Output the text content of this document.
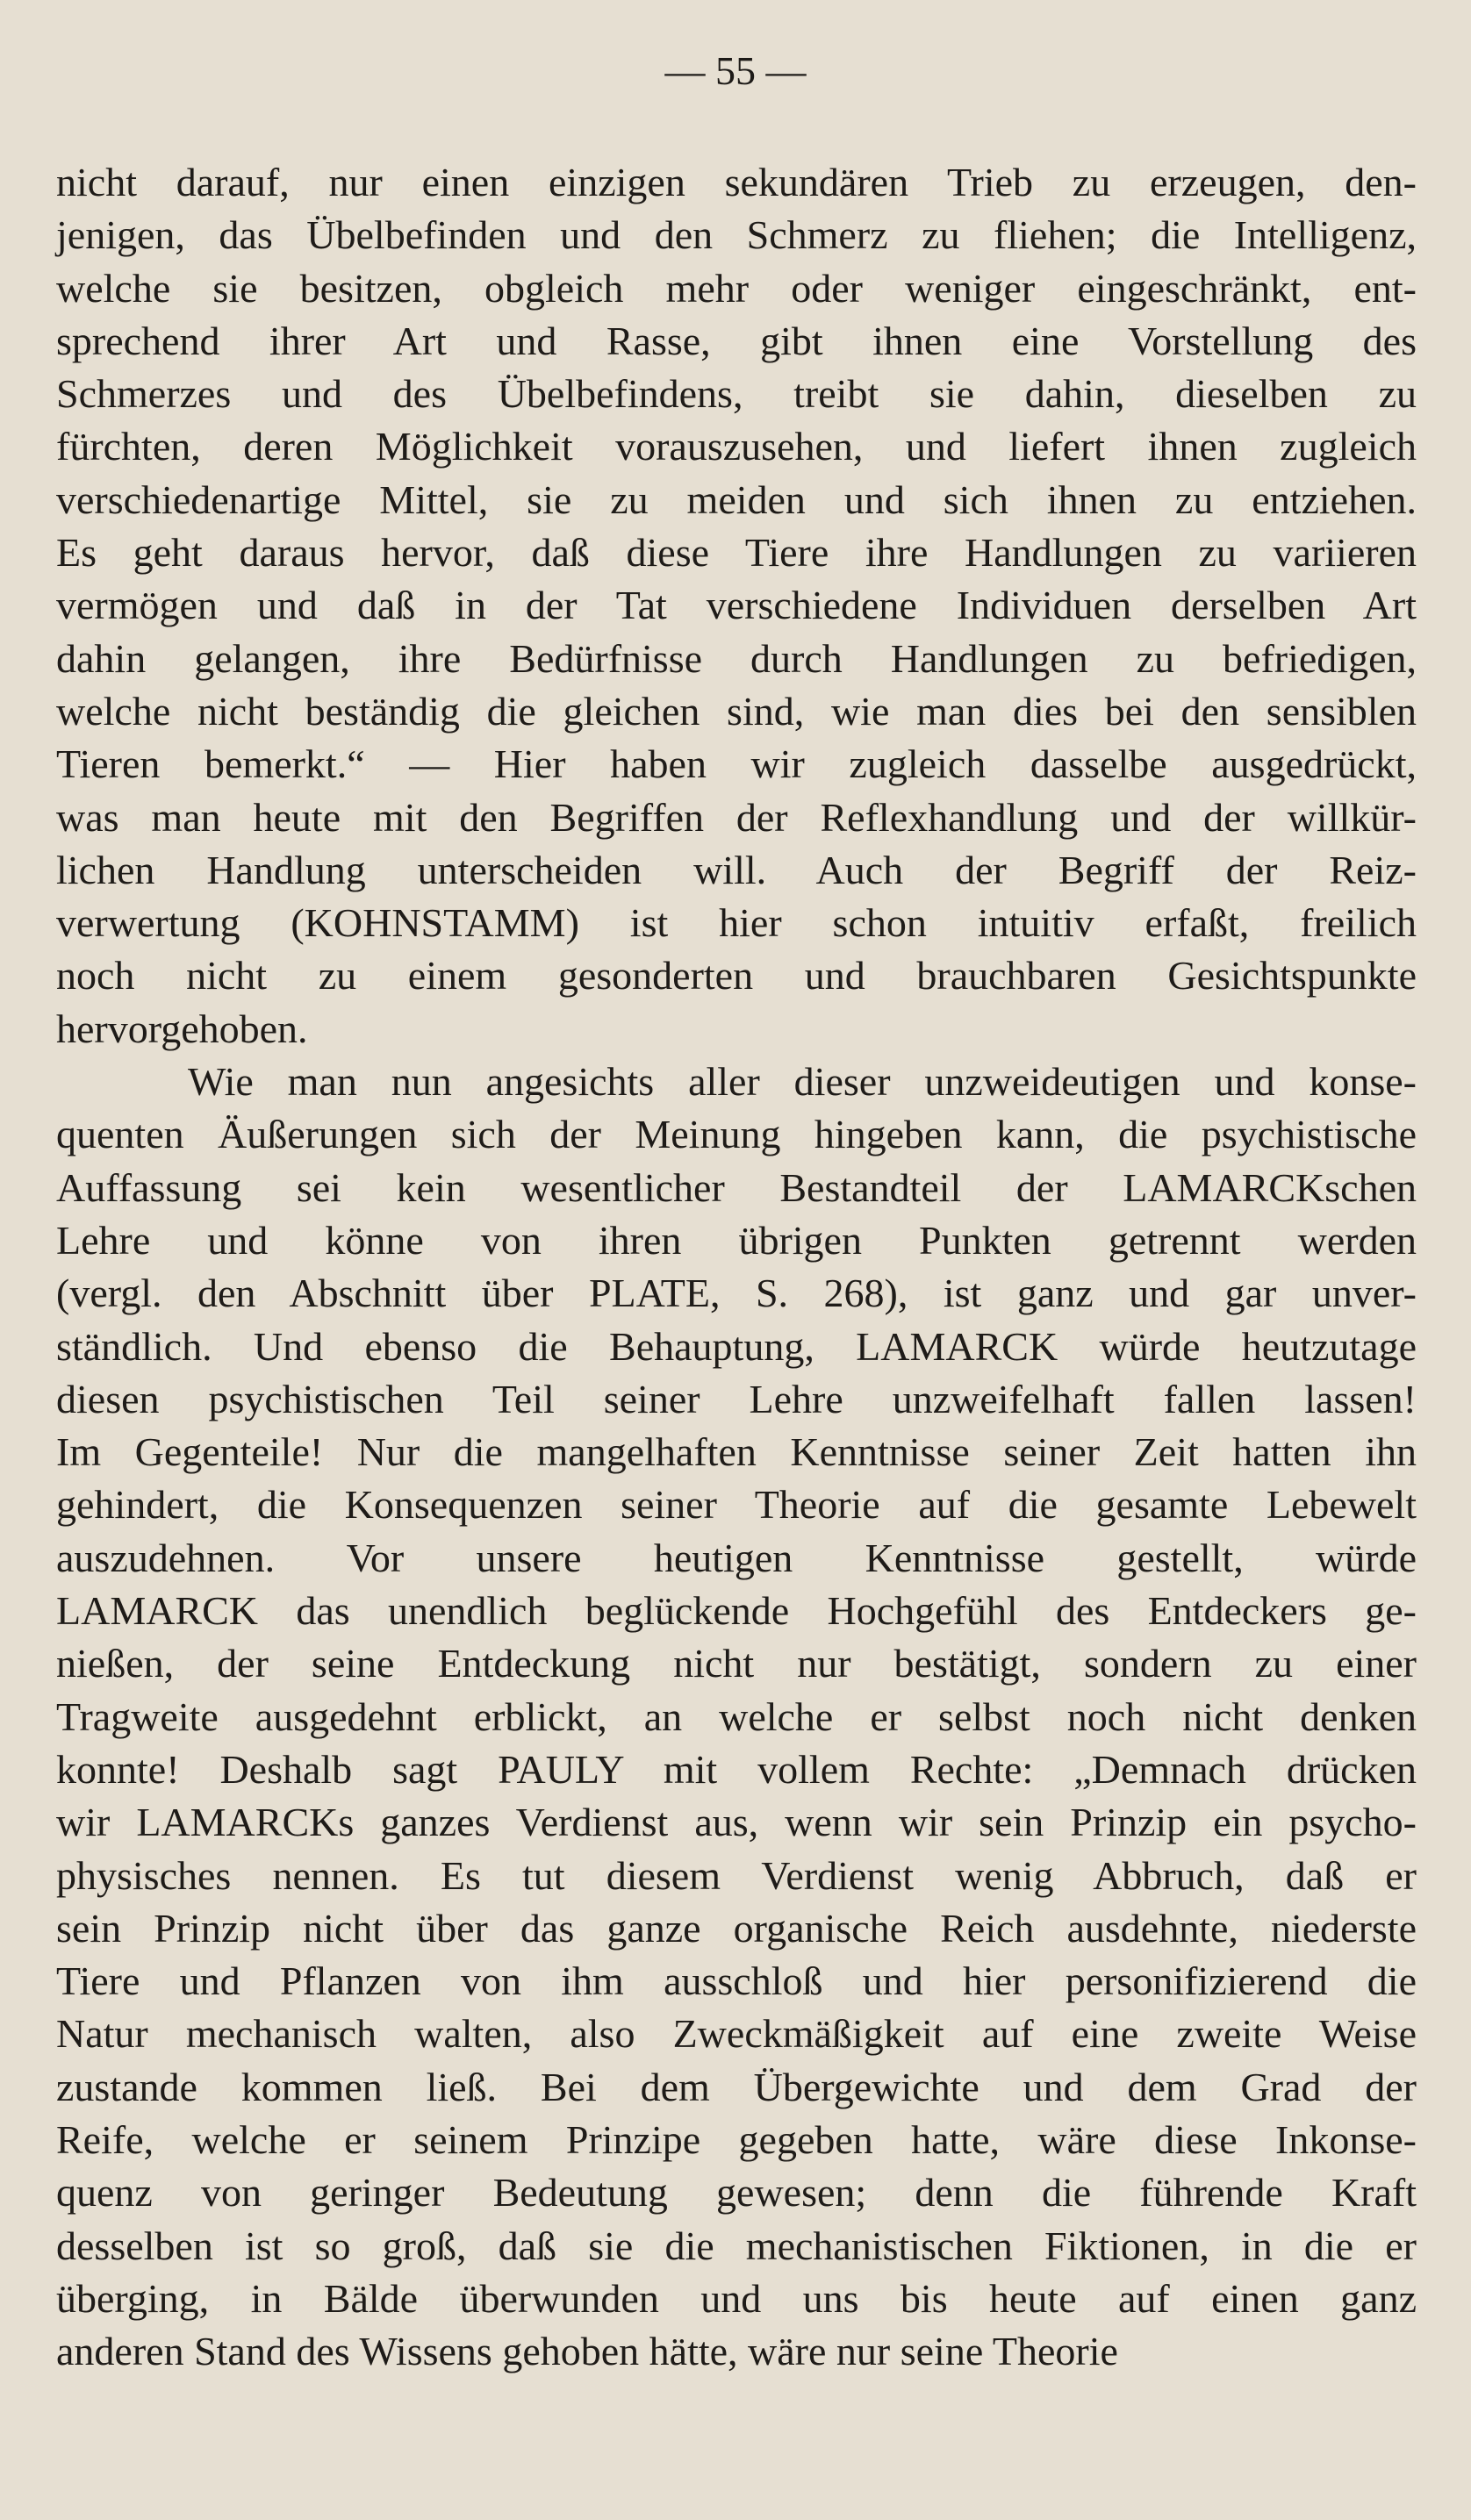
— 55 —
nicht darauf, nur einen einzigen sekundären Trieb zu erzeugen, den-
jenigen, das Übelbefinden und den Schmerz zu fliehen; die Intelligenz,
welche sie besitzen, obgleich mehr oder weniger eingeschränkt, ent-
sprechend ihrer Art und Rasse, gibt ihnen eine Vorstellung des
Schmerzes und des Übelbefindens, treibt sie dahin, dieselben zu
fürchten, deren Möglichkeit vorauszusehen, und liefert ihnen zugleich
verschiedenartige Mittel, sie zu meiden und sich ihnen zu entziehen.
Es geht daraus hervor, daß diese Tiere ihre Handlungen zu variieren
vermögen und daß in der Tat verschiedene Individuen derselben Art
dahin gelangen, ihre Bedürfnisse durch Handlungen zu befriedigen,
welche nicht beständig die gleichen sind, wie man dies bei den sensiblen
Tieren bemerkt.“ — Hier haben wir zugleich dasselbe ausgedrückt,
was man heute mit den Begriffen der Reflexhandlung und der willkür-
lichen Handlung unterscheiden will. Auch der Begriff der Reiz-
verwertung (KOHNSTAMM) ist hier schon intuitiv erfaßt, freilich
noch nicht zu einem gesonderten und brauchbaren Gesichtspunkte
hervorgehoben.
Wie man nun angesichts aller dieser unzweideutigen und konse-
quenten Äußerungen sich der Meinung hingeben kann, die psychistische
Auffassung sei kein wesentlicher Bestandteil der LAMARCKschen
Lehre und könne von ihren übrigen Punkten getrennt werden
(vergl. den Abschnitt über PLATE, S. 268), ist ganz und gar unver-
ständlich. Und ebenso die Behauptung, LAMARCK würde heutzutage
diesen psychistischen Teil seiner Lehre unzweifelhaft fallen lassen!
Im Gegenteile! Nur die mangelhaften Kenntnisse seiner Zeit hatten ihn
gehindert, die Konsequenzen seiner Theorie auf die gesamte Lebewelt
auszudehnen. Vor unsere heutigen Kenntnisse gestellt, würde
LAMARCK das unendlich beglückende Hochgefühl des Entdeckers ge-
nießen, der seine Entdeckung nicht nur bestätigt, sondern zu einer
Tragweite ausgedehnt erblickt, an welche er selbst noch nicht denken
konnte! Deshalb sagt PAULY mit vollem Rechte: „Demnach drücken
wir LAMARCKs ganzes Verdienst aus, wenn wir sein Prinzip ein psycho-
physisches nennen. Es tut diesem Verdienst wenig Abbruch, daß er
sein Prinzip nicht über das ganze organische Reich ausdehnte, niederste
Tiere und Pflanzen von ihm ausschloß und hier personifizierend die
Natur mechanisch walten, also Zweckmäßigkeit auf eine zweite Weise
zustande kommen ließ. Bei dem Übergewichte und dem Grad der
Reife, welche er seinem Prinzipe gegeben hatte, wäre diese Inkonse-
quenz von geringer Bedeutung gewesen; denn die führende Kraft
desselben ist so groß, daß sie die mechanistischen Fiktionen, in die er
überging, in Bälde überwunden und uns bis heute auf einen ganz
anderen Stand des Wissens gehoben hätte, wäre nur seine Theorie
